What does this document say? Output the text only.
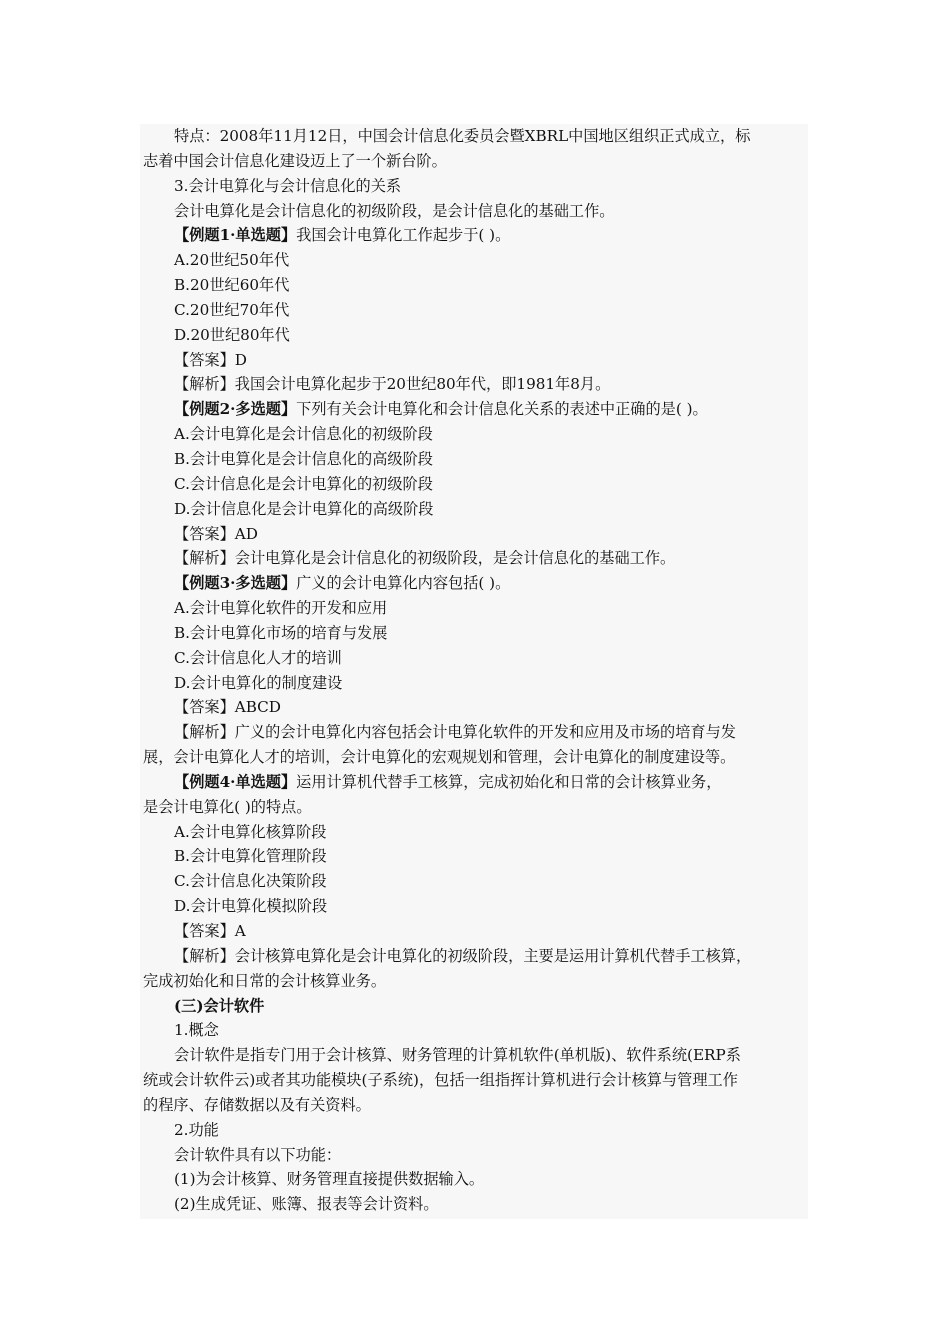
特点：2008年11月12日，中国会计信息化委员会暨XBRL中国地区组织正式成立，标
志着中国会计信息化建设迈上了一个新台阶。
3.会计电算化与会计信息化的关系
会计电算化是会计信息化的初级阶段，是会计信息化的基础工作。
【例题1·单选题】我国会计电算化工作起步于( )。
A.20世纪50年代
B.20世纪60年代
C.20世纪70年代
D.20世纪80年代
【答案】D
【解析】我国会计电算化起步于20世纪80年代，即1981年8月。
【例题2·多选题】下列有关会计电算化和会计信息化关系的表述中正确的是( )。
A.会计电算化是会计信息化的初级阶段
B.会计电算化是会计信息化的高级阶段
C.会计信息化是会计电算化的初级阶段
D.会计信息化是会计电算化的高级阶段
【答案】AD
【解析】会计电算化是会计信息化的初级阶段，是会计信息化的基础工作。
【例题3·多选题】广义的会计电算化内容包括( )。
A.会计电算化软件的开发和应用
B.会计电算化市场的培育与发展
C.会计信息化人才的培训
D.会计电算化的制度建设
【答案】ABCD
【解析】广义的会计电算化内容包括会计电算化软件的开发和应用及市场的培育与发
展，会计电算化人才的培训，会计电算化的宏观规划和管理，会计电算化的制度建设等。
【例题4·单选题】运用计算机代替手工核算，完成初始化和日常的会计核算业务，
是会计电算化( )的特点。
A.会计电算化核算阶段
B.会计电算化管理阶段
C.会计信息化决策阶段
D.会计电算化模拟阶段
【答案】A
【解析】会计核算电算化是会计电算化的初级阶段，主要是运用计算机代替手工核算，
完成初始化和日常的会计核算业务。
(三)会计软件
1.概念
会计软件是指专门用于会计核算、财务管理的计算机软件(单机版)、软件系统(ERP系
统或会计软件云)或者其功能模块(子系统)，包括一组指挥计算机进行会计核算与管理工作
的程序、存储数据以及有关资料。
2.功能
会计软件具有以下功能：
(1)为会计核算、财务管理直接提供数据输入。
(2)生成凭证、账簿、报表等会计资料。
